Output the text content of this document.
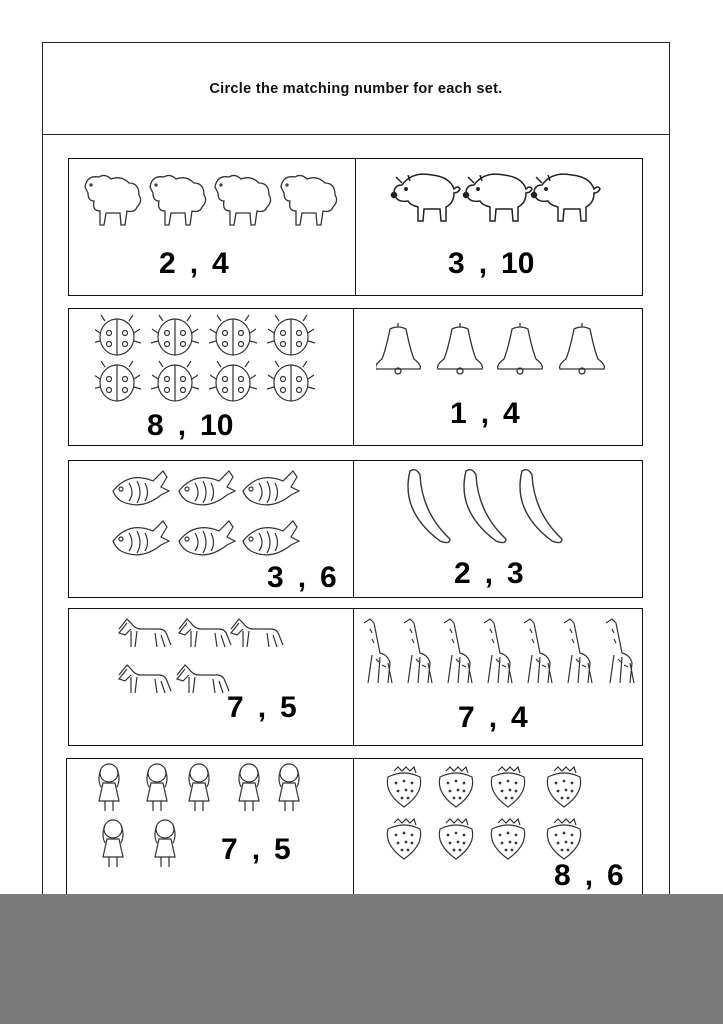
Circle the matching number for each set.
2 , 4	3 , 10
8 , 10	1 , 4
3 , 6	2 , 3
7 , 5	7 , 4
7 , 5
8 , 6
